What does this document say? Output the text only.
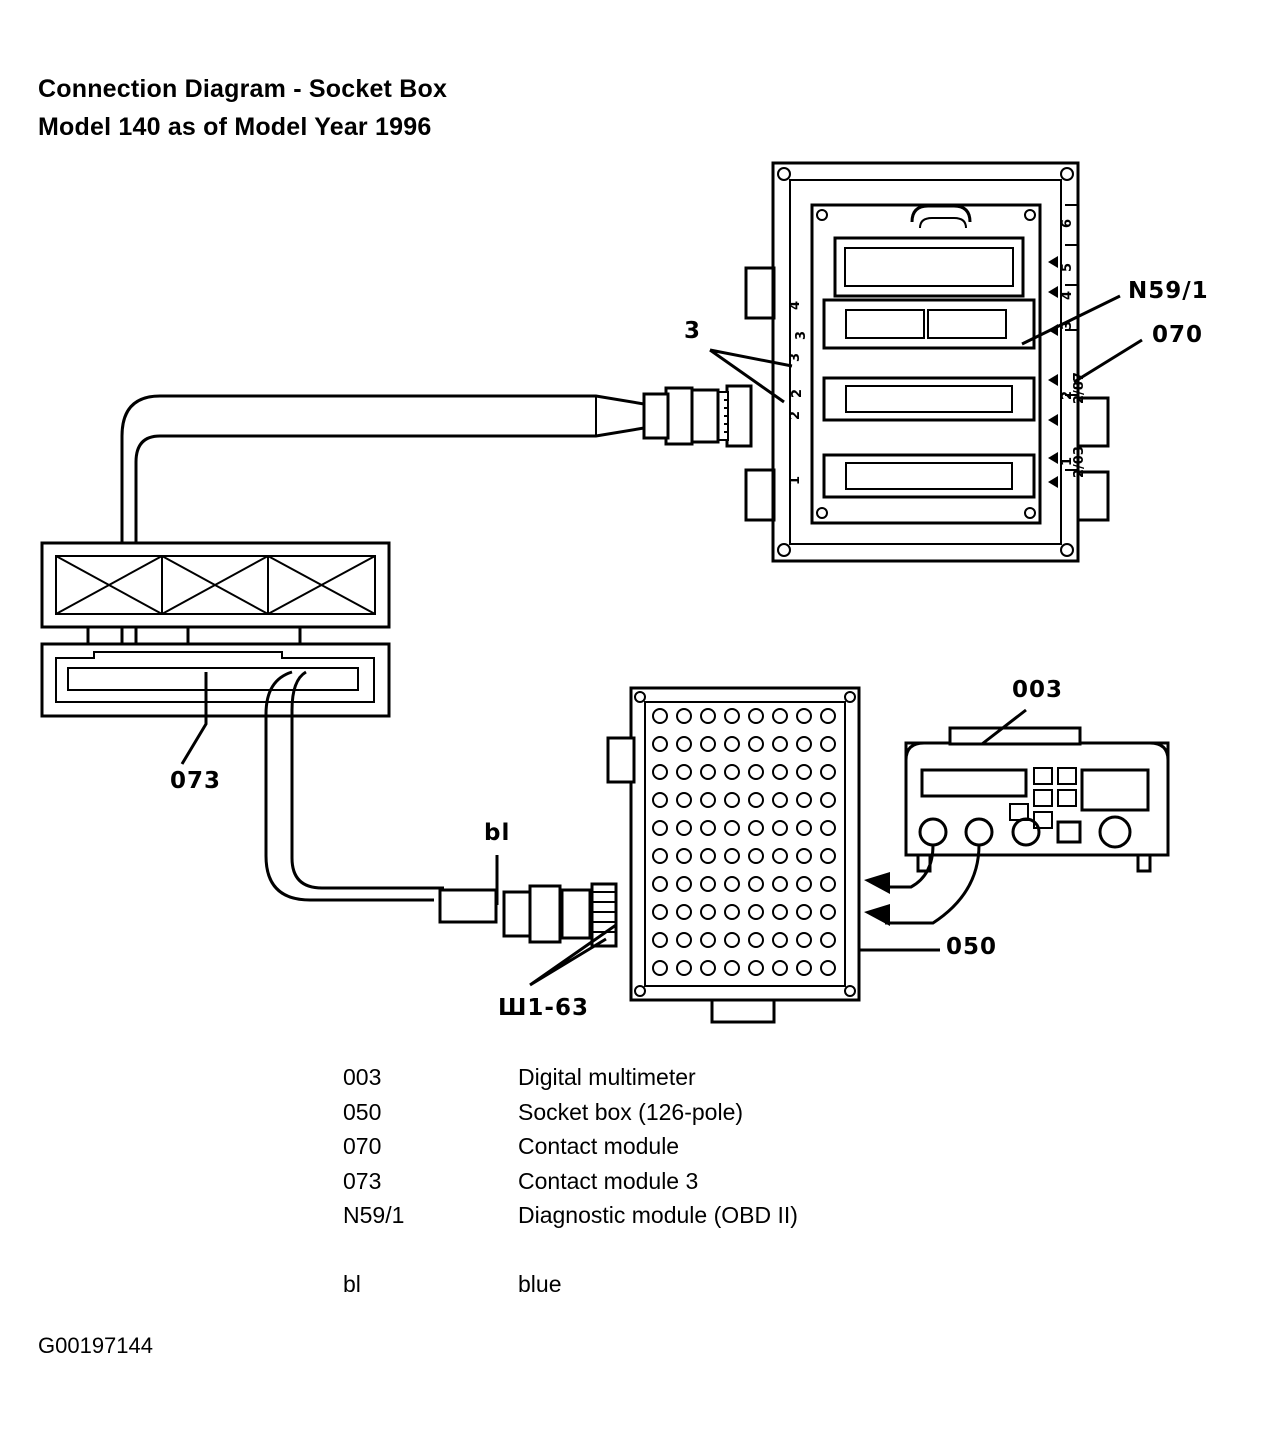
Connection Diagram - Socket Box
Model 140 as of Model Year 1996
N59/1
070
073
003
050
3
bl
Ш1-63
1
2
3
4
1
2
3
4
5
6
2/87
2/03
3
2
003	Digital multimeter
050	Socket box (126-pole)
070	Contact module
073	Contact module 3
N59/1	Diagnostic module (OBD II)
bl	blue
G00197144
